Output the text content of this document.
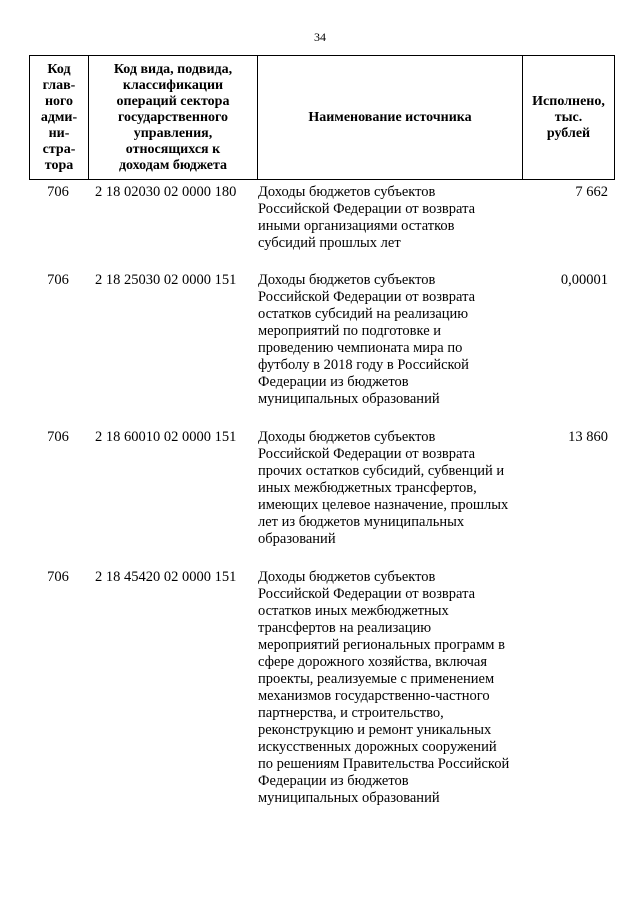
34
Код
глав-
ного
адми-
ни-
стра-
тора

Код вида, подвида,
классификации
операций сектора
государственного
управления,
относящихся к
доходам бюджета

Наименование источника

Исполнено,
тыс.
рублей
706	2 18 02030 02 0000 180	Доходы бюджетов субъектов
Российской Федерации от возврата
иными организациями остатков
субсидий прошлых лет
7 662
706	2 18 25030 02 0000 151	Доходы бюджетов субъектов
Российской Федерации от возврата
остатков субсидий на реализацию
мероприятий по подготовке и
проведению чемпионата мира по
футболу в 2018 году в Российской
Федерации из бюджетов
муниципальных образований
0,00001
706	2 18 60010 02 0000 151	Доходы бюджетов субъектов
Российской Федерации от возврата
прочих остатков субсидий, субвенций и
иных межбюджетных трансфертов,
имеющих целевое назначение, прошлых
лет из бюджетов муниципальных
образований
13 860
706	2 18 45420 02 0000 151	Доходы бюджетов субъектов
Российской Федерации от возврата
остатков иных межбюджетных
трансфертов на реализацию
мероприятий региональных программ в
сфере дорожного хозяйства, включая
проекты, реализуемые с применением
механизмов государственно-частного
партнерства, и строительство,
реконструкцию и ремонт уникальных
искусственных дорожных сооружений
по решениям Правительства Российской
Федерации из бюджетов
муниципальных образований
